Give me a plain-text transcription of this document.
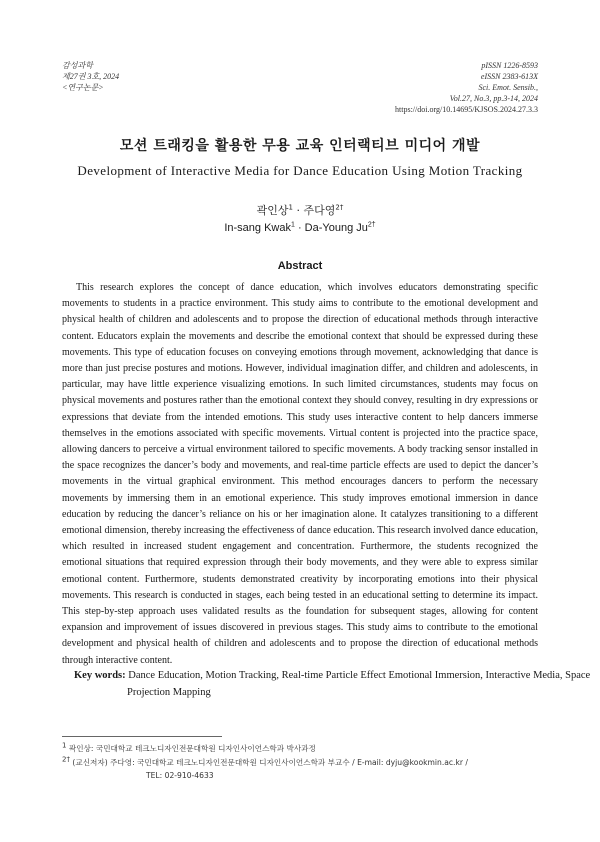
감성과학
제27권 3호, 2024
<연구논문>
pISSN 1226-8593
eISSN 2383-613X
Sci. Emot. Sensib.,
Vol.27, No.3, pp.3-14, 2024
https://doi.org/10.14695/KJSOS.2024.27.3.3
모션 트래킹을 활용한 무용 교육 인터랙티브 미디어 개발
Development of Interactive Media for Dance Education Using Motion Tracking
곽인상$^1$ · 주다영$^{2\dagger}$
In-sang Kwak$^1$ · Da-Young $Ju^{2\dagger}$
Abstract

This research explores the concept of dance education, which involves educators demonstrating specific movements to students in a practice environment. This study aims to contribute to the emotional development and physical health of children and adolescents and to propose the direction of educational methods through interactive content. Educators explain the movements and describe the emotional context that should be expressed during these movements. This type of education focuses on conveying emotions through movement, acknowledging that dance is more than just precise postures and motions. However, individual imagination differ, and children and adolescents, in particular, may have little experience visualizing emotions. In such limited circumstances, students may focus on physical movements and postures rather than the emotional context they should convey, resulting in dry expressions or expressions that deviate from the intended emotions. This study uses interactive content to help dancers immerse themselves in the emotions associated with specific movements. Virtual content is projected into the practice space, allowing dancers to perceive a virtual environment tailored to specific movements. A body tracking sensor installed in the space recognizes the dancer’s body and movements, and real-time particle effects are used to depict the dancer’s movements in the virtual graphical environment. This method encourages dancers to perform the necessary movements by immersing them in an emotional experience. This study improves emotional immersion in dance education by reducing the dancer’s reliance on his or her imagination alone. It catalyzes transitioning to a different emotional dimension, thereby increasing the effectiveness of dance education. This research involved dance education, which resulted in increased student engagement and concentration. Furthermore, the students recognized the emotional situations that required expression through their body movements, and they were able to express similar emotional content. Furthermore, students demonstrated creativity by incorporating emotions into their physical movements. This research is conducted in stages, each being tested in an educational setting to determine its impact. This step-by-step approach uses validated results as the foundation for subsequent stages, allowing for content expansion and improvement of issues discovered in previous stages. This study aims to contribute to the emotional development and physical health of children and adolescents and to propose the direction of educational methods through interactive content.

Key words: Dance Education, Motion Tracking, Real-time Particle Effect Emotional Immersion, Interactive Media, Space Projection Mapping
$^1$ 곽인상: 국민대학교 테크노디자인전문대학원 디자인사이언스학과 박사과정
$^{2\dagger}$ (교신저자) 주다영: 국민대학교 테크노디자인전문대학원 디자인사이언스학과 부교수 / E-mail: dyju@kookmin.ac.kr /
TEL: 02-910-4633
